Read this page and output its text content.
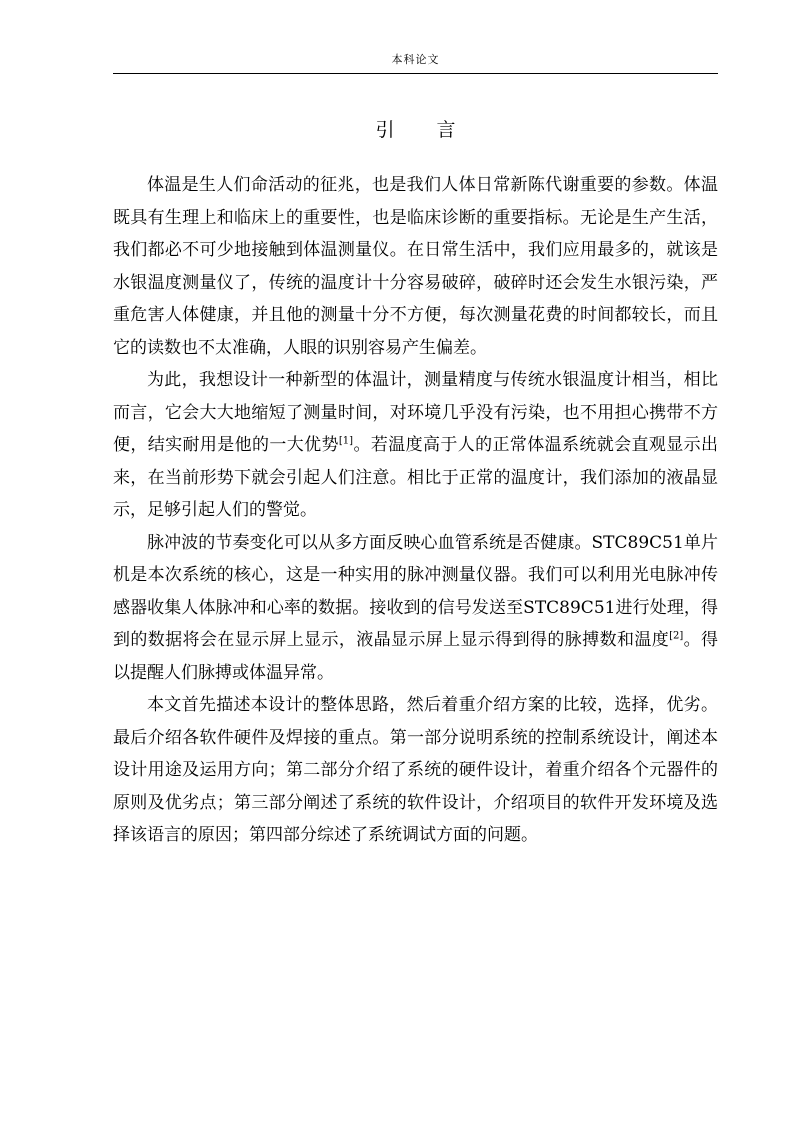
本科论文
引言

体温是生人们命活动的征兆，也是我们人体日常新陈代谢重要的参数。体温既具有生理上和临床上的重要性，也是临床诊断的重要指标。无论是生产生活，我们都必不可少地接触到体温测量仪。在日常生活中，我们应用最多的，就该是水银温度测量仪了，传统的温度计十分容易破碎，破碎时还会发生水银污染，严重危害人体健康，并且他的测量十分不方便，每次测量花费的时间都较长，而且它的读数也不太准确，人眼的识别容易产生偏差。

为此，我想设计一种新型的体温计，测量精度与传统水银温度计相当，相比而言，它会大大地缩短了测量时间，对环境几乎没有污染，也不用担心携带不方便，结实耐用是他的一大优势[1]。若温度高于人的正常体温系统就会直观显示出来，在当前形势下就会引起人们注意。相比于正常的温度计，我们添加的液晶显示，足够引起人们的警觉。

脉冲波的节奏变化可以从多方面反映心血管系统是否健康。STC89C51单片机是本次系统的核心，这是一种实用的脉冲测量仪器。我们可以利用光电脉冲传感器收集人体脉冲和心率的数据。接收到的信号发送至STC89C51进行处理，得到的数据将会在显示屏上显示，液晶显示屏上显示得到得的脉搏数和温度[2]。得以提醒人们脉搏或体温异常。

本文首先描述本设计的整体思路，然后着重介绍方案的比较，选择，优劣。最后介绍各软件硬件及焊接的重点。第一部分说明系统的控制系统设计，阐述本设计用途及运用方向；第二部分介绍了系统的硬件设计，着重介绍各个元器件的原则及优劣点；第三部分阐述了系统的软件设计，介绍项目的软件开发环境及选择该语言的原因；第四部分综述了系统调试方面的问题。
